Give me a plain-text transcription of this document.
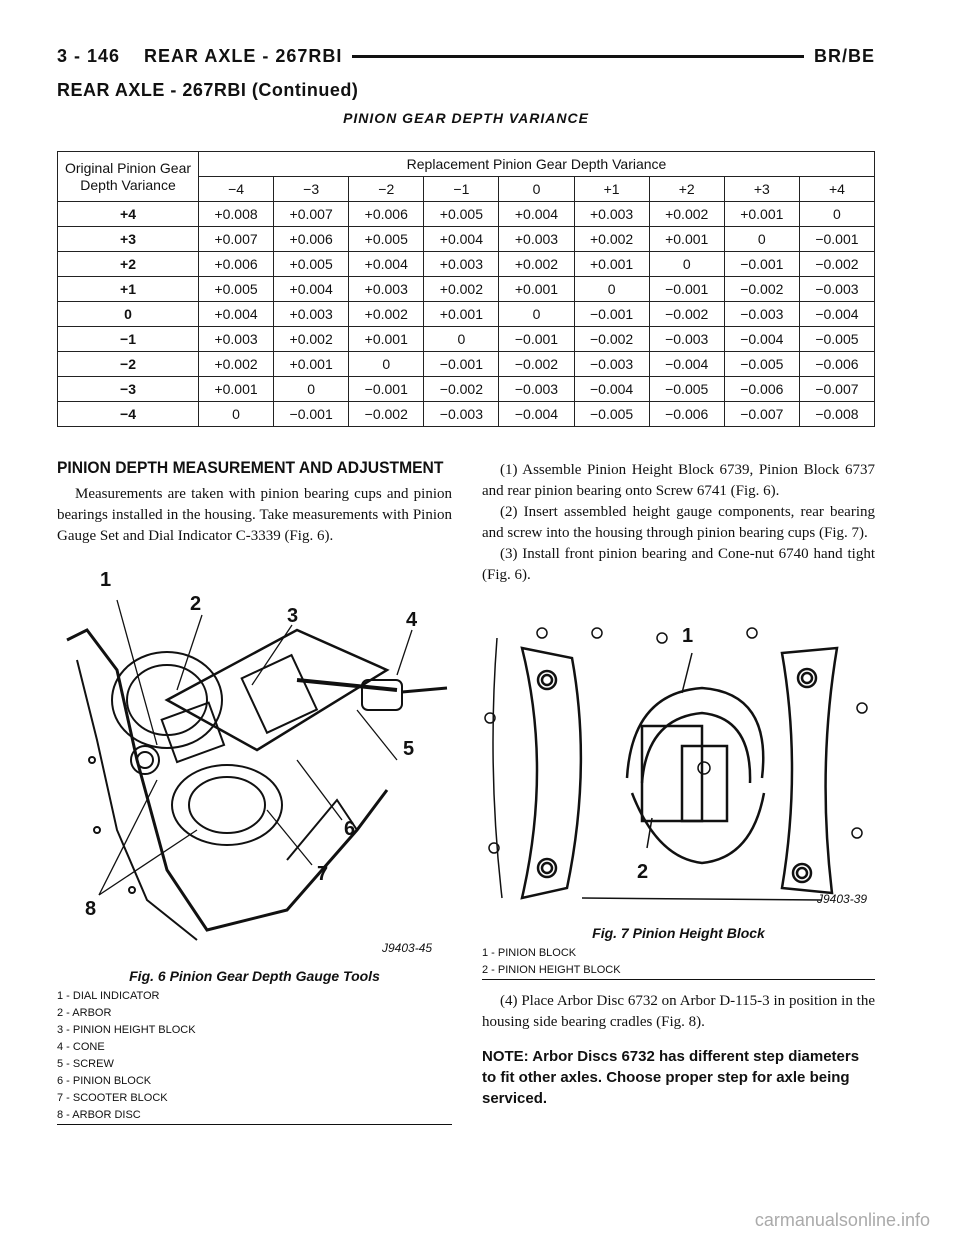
3 - 146 REAR AXLE - 267RBI	BR/BE
REAR AXLE - 267RBI (Continued)
PINION GEAR DEPTH VARIANCE
Original Pinion Gear Depth Variance	Replacement Pinion Gear Depth Variance								
	−4	−3	−2	−1	0	+1	+2	+3	+4
+4	+0.008	+0.007	+0.006	+0.005	+0.004	+0.003	+0.002	+0.001	0
+3	+0.007	+0.006	+0.005	+0.004	+0.003	+0.002	+0.001	0	−0.001
+2	+0.006	+0.005	+0.004	+0.003	+0.002	+0.001	0	−0.001	−0.002
+1	+0.005	+0.004	+0.003	+0.002	+0.001	0	−0.001	−0.002	−0.003
0	+0.004	+0.003	+0.002	+0.001	0	−0.001	−0.002	−0.003	−0.004
−1	+0.003	+0.002	+0.001	0	−0.001	−0.002	−0.003	−0.004	−0.005
−2	+0.002	+0.001	0	−0.001	−0.002	−0.003	−0.004	−0.005	−0.006
−3	+0.001	0	−0.001	−0.002	−0.003	−0.004	−0.005	−0.006	−0.007
−4	0	−0.001	−0.002	−0.003	−0.004	−0.005	−0.006	−0.007	−0.008
PINION DEPTH MEASUREMENT AND ADJUSTMENT

Measurements are taken with pinion bearing cups and pinion bearings installed in the housing. Take measurements with Pinion Gauge Set and Dial Indicator C-3339 (Fig. 6).

1
2
3	4
5
6
7
8
J9403-45
Fig. 6 Pinion Gear Depth Gauge Tools
1 - DIAL INDICATOR
2 - ARBOR
3 - PINION HEIGHT BLOCK
4 - CONE
5 - SCREW
6 - PINION BLOCK
7 - SCOOTER BLOCK
8 - ARBOR DISC

(1) Assemble Pinion Height Block 6739, Pinion Block 6737 and rear pinion bearing onto Screw 6741 (Fig. 6).

(2) Insert assembled height gauge components, rear bearing and screw into the housing through pinion bearing cups (Fig. 7).

(3) Install front pinion bearing and Cone-nut 6740 hand tight (Fig. 6).

1
2
J9403-39
Fig. 7 Pinion Height Block
1 - PINION BLOCK
2 - PINION HEIGHT BLOCK

(4) Place Arbor Disc 6732 on Arbor D-115-3 in position in the housing side bearing cradles (Fig. 8).

NOTE: Arbor Discs 6732 has different step diameters to fit other axles. Choose proper step for axle being serviced.
carmanualsonline.info
